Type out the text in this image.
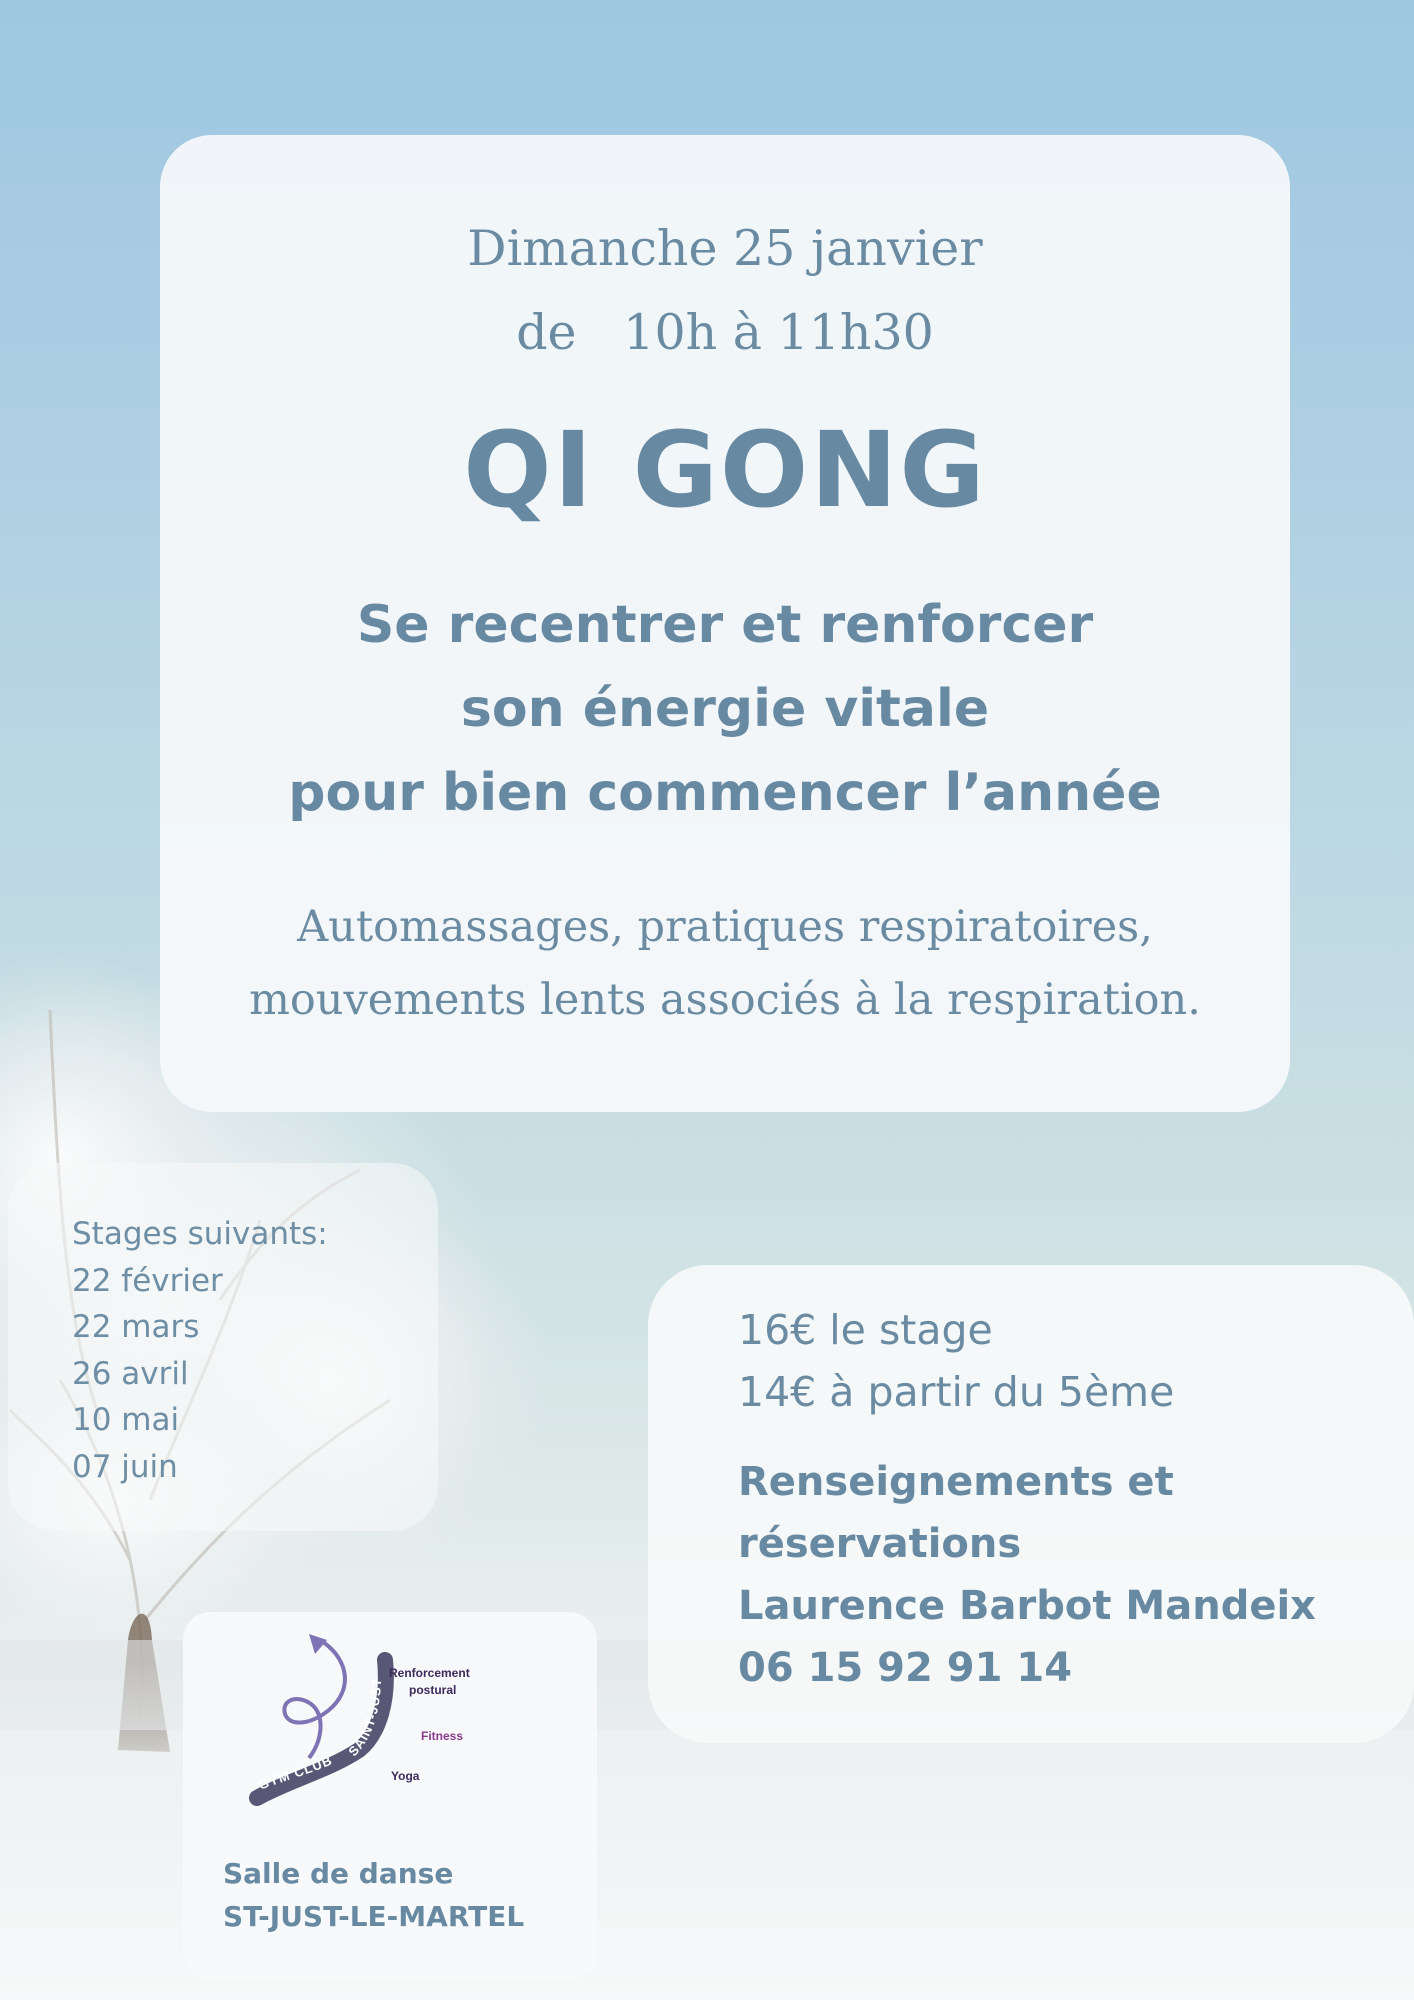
Dimanche 25 janvier
de   10h à 11h30
QI GONG
Se recentrer et renforcer
son énergie vitale
pour bien commencer l’année
Automassages, pratiques respiratoires,
mouvements lents associés à la respiration.
Stages suivants:
22 février
22 mars
26 avril
10 mai
07 juin
16€ le stage
14€ à partir du 5ème
Renseignements et
réservations
Laurence Barbot Mandeix
06 15 92 91 14
SAINT-JUST
GYM CLUB
Renforcement
postural
Fitness
Yoga
Salle de danse
ST-JUST-LE-MARTEL
